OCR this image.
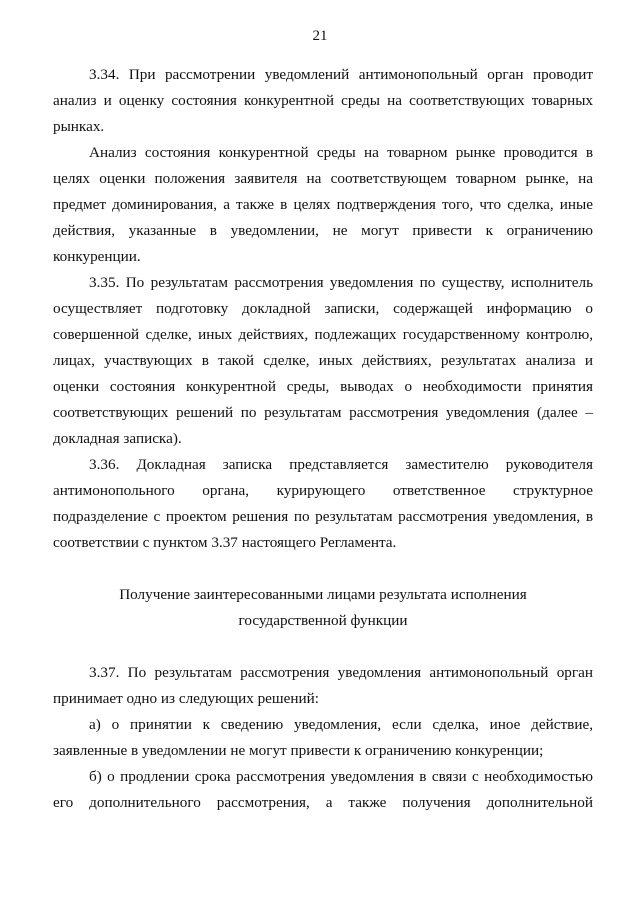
21

3.34. При рассмотрении уведомлений антимонопольный орган проводит анализ и оценку состояния конкурентной среды на соответствующих товарных рынках.

Анализ состояния конкурентной среды на товарном рынке проводится в целях оценки положения заявителя на соответствующем товарном рынке, на предмет доминирования, а также в целях подтверждения того, что сделка, иные действия, указанные в уведомлении, не могут привести к ограничению конкуренции.

3.35. По результатам рассмотрения уведомления по существу, исполнитель осуществляет подготовку докладной записки, содержащей информацию о совершенной сделке, иных действиях, подлежащих государственному контролю, лицах, участвующих в такой сделке, иных действиях, результатах анализа и оценки состояния конкурентной среды, выводах о необходимости принятия соответствующих решений по результатам рассмотрения уведомления (далее – докладная записка).

3.36. Докладная записка представляется заместителю руководителя антимонопольного органа, курирующего ответственное структурное подразделение с проектом решения по результатам рассмотрения уведомления, в соответствии с пунктом 3.37 настоящего Регламента.

Получение заинтересованными лицами результата исполнения
государственной функции

3.37. По результатам рассмотрения уведомления антимонопольный орган принимает одно из следующих решений:

а) о принятии к сведению уведомления, если сделка, иное действие, заявленные в уведомлении не могут привести к ограничению конкуренции;

б) о продлении срока рассмотрения уведомления в связи с необходимостью его дополнительного рассмотрения, а также получения дополнительной
